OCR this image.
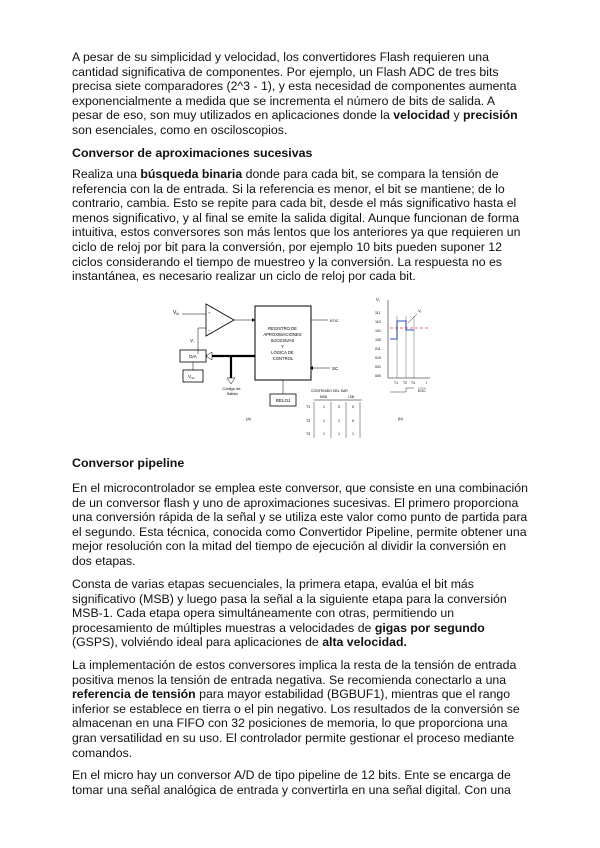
A pesar de su simplicidad y velocidad, los convertidores Flash requieren una cantidad significativa de componentes. Por ejemplo, un Flash ADC de tres bits precisa siete comparadores (2^3 - 1), y esta necesidad de componentes aumenta exponencialmente a medida que se incrementa el número de bits de salida. A pesar de eso, son muy utilizados en aplicaciones donde la velocidad y precisión son esenciales, como en osciloscopios.

Conversor de aproximaciones sucesivas

Realiza una búsqueda binaria donde para cada bit, se compara la tensión de referencia con la de entrada. Si la referencia es menor, el bit se mantiene; de lo contrario, cambia. Esto se repite para cada bit, desde el más significativo hasta el menos significativo, y al final se emite la salida digital. Aunque funcionan de forma intuitiva, estos conversores son más lentos que los anteriores ya que requieren un ciclo de reloj por bit para la conversión, por ejemplo 10 bits pueden suponer 12 ciclos considerando el tiempo de muestreo y la conversión. La respuesta no es instantánea, es necesario realizar un ciclo de reloj por cada bit.

+
−
$V_{in}$
$V_r$
REGISTRO DE APROXIMACIONES SUCESIVAS Y LÓGICA DE CONTROL
EOC
SC
D/A
$V_{ref}$
Código de Salida
RELOJ
(a)
CONTENIDO DEL SAR
MSB	LSB
T1	1	0	0
T2	1	1	0
T3	1	1	1
$V_r$
111
110
101
100
011
010
001
000
$V_i$
T1 T2 T3	t
EOC
(b)
Conversor pipeline

En el microcontrolador se emplea este conversor, que consiste en una combinación de un conversor flash y uno de aproximaciones sucesivas. El primero proporciona una conversión rápida de la señal y se utiliza este valor como punto de partida para el segundo. Esta técnica, conocida como Convertidor Pipeline, permite obtener una mejor resolución con la mitad del tiempo de ejecución al dividir la conversión en dos etapas.

Consta de varias etapas secuenciales, la primera etapa, evalúa el bit más significativo (MSB) y luego pasa la señal a la siguiente etapa para la conversión MSB-1. Cada etapa opera simultáneamente con otras, permitiendo un procesamiento de múltiples muestras a velocidades de gigas por segundo (GSPS), volviéndo ideal para aplicaciones de alta velocidad.

La implementación de estos conversores implica la resta de la tensión de entrada positiva menos la tensión de entrada negativa. Se recomienda conectarlo a una referencia de tensión para mayor estabilidad (BGBUF1), mientras que el rango inferior se establece en tierra o el pin negativo. Los resultados de la conversión se almacenan en una FIFO con 32 posiciones de memoria, lo que proporciona una gran versatilidad en su uso. El controlador permite gestionar el proceso mediante comandos.

En el micro hay un conversor A/D de tipo pipeline de 12 bits. Ente se encarga de tomar una señal analógica de entrada y convertirla en una señal digital. Con una
